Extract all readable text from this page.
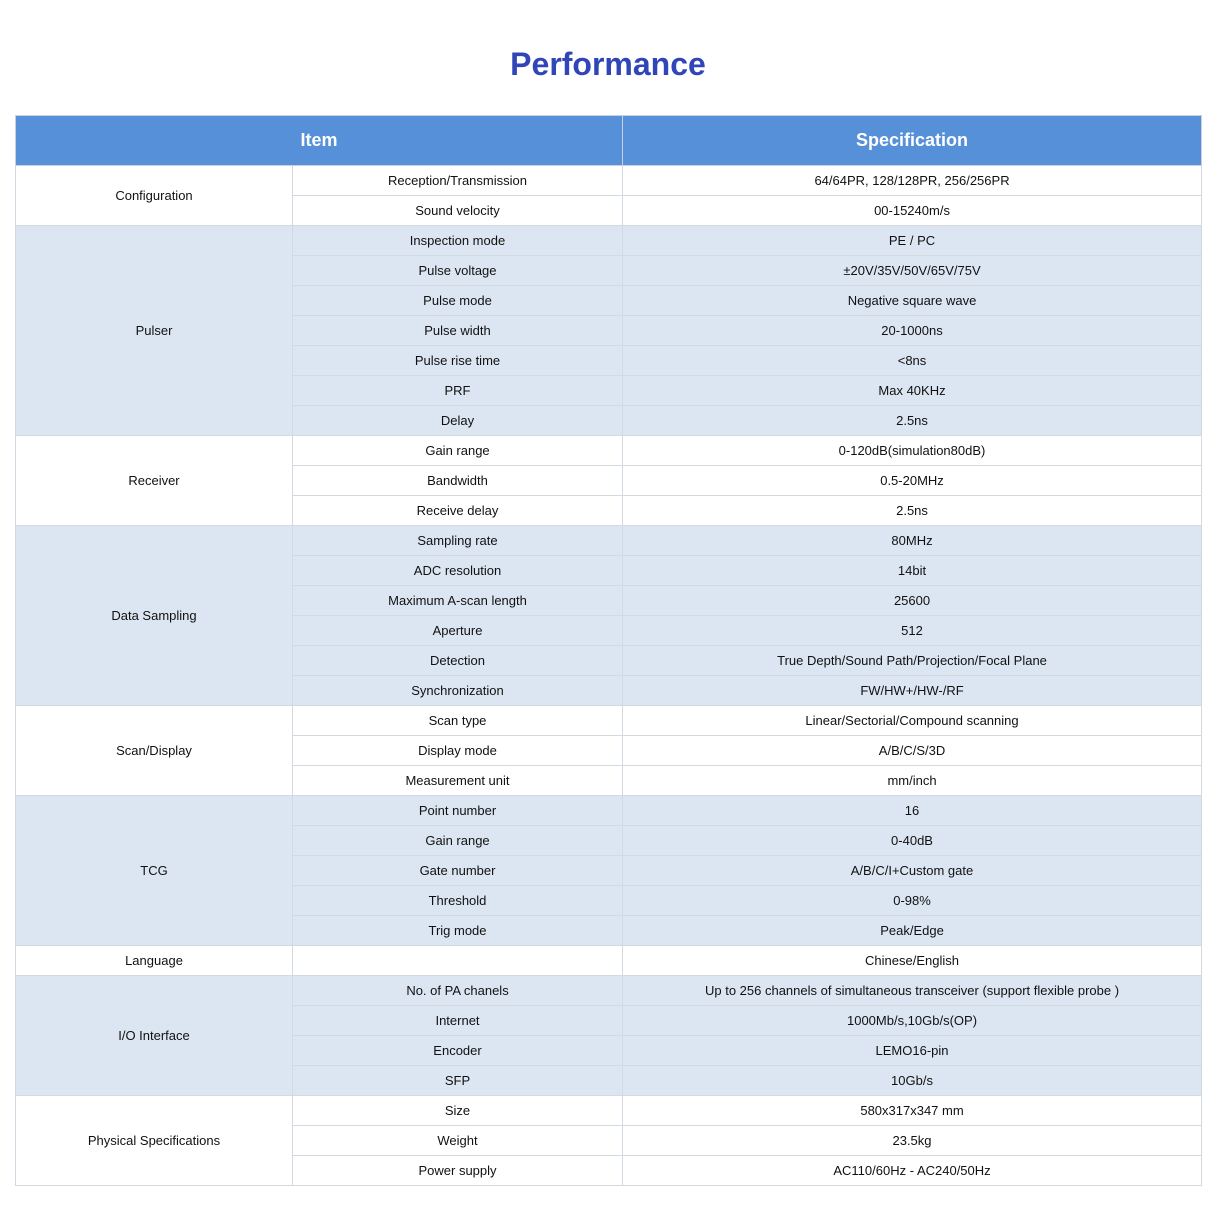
Performance
Item		Specification
Configuration	Reception/Transmission	64/64PR, 128/128PR, 256/256PR
	Sound velocity	00-15240m/s
Pulser	Inspection mode	PE / PC
	Pulse voltage	±20V/35V/50V/65V/75V
	Pulse mode	Negative square wave
	Pulse width	20-1000ns
	Pulse rise time	<8ns
	PRF	Max 40KHz
	Delay	2.5ns
Receiver	Gain range	0-120dB(simulation80dB)
	Bandwidth	0.5-20MHz
	Receive delay	2.5ns
Data Sampling	Sampling rate	80MHz
	ADC resolution	14bit
	Maximum A-scan length	25600
	Aperture	512
	Detection	True Depth/Sound Path/Projection/Focal Plane
	Synchronization	FW/HW+/HW-/RF
Scan/Display	Scan type	Linear/Sectorial/Compound scanning
	Display mode	A/B/C/S/3D
	Measurement unit	mm/inch
TCG	Point number	16
	Gain range	0-40dB
	Gate number	A/B/C/I+Custom gate
	Threshold	0-98%
	Trig mode	Peak/Edge
Language		Chinese/English
I/O Interface	No. of PA chanels	Up to 256 channels of simultaneous transceiver (support flexible probe )
	Internet	1000Mb/s,10Gb/s(OP)
	Encoder	LEMO16-pin
	SFP	10Gb/s
Physical Specifications	Size	580x317x347 mm
	Weight	23.5kg
	Power supply	AC110/60Hz - AC240/50Hz
